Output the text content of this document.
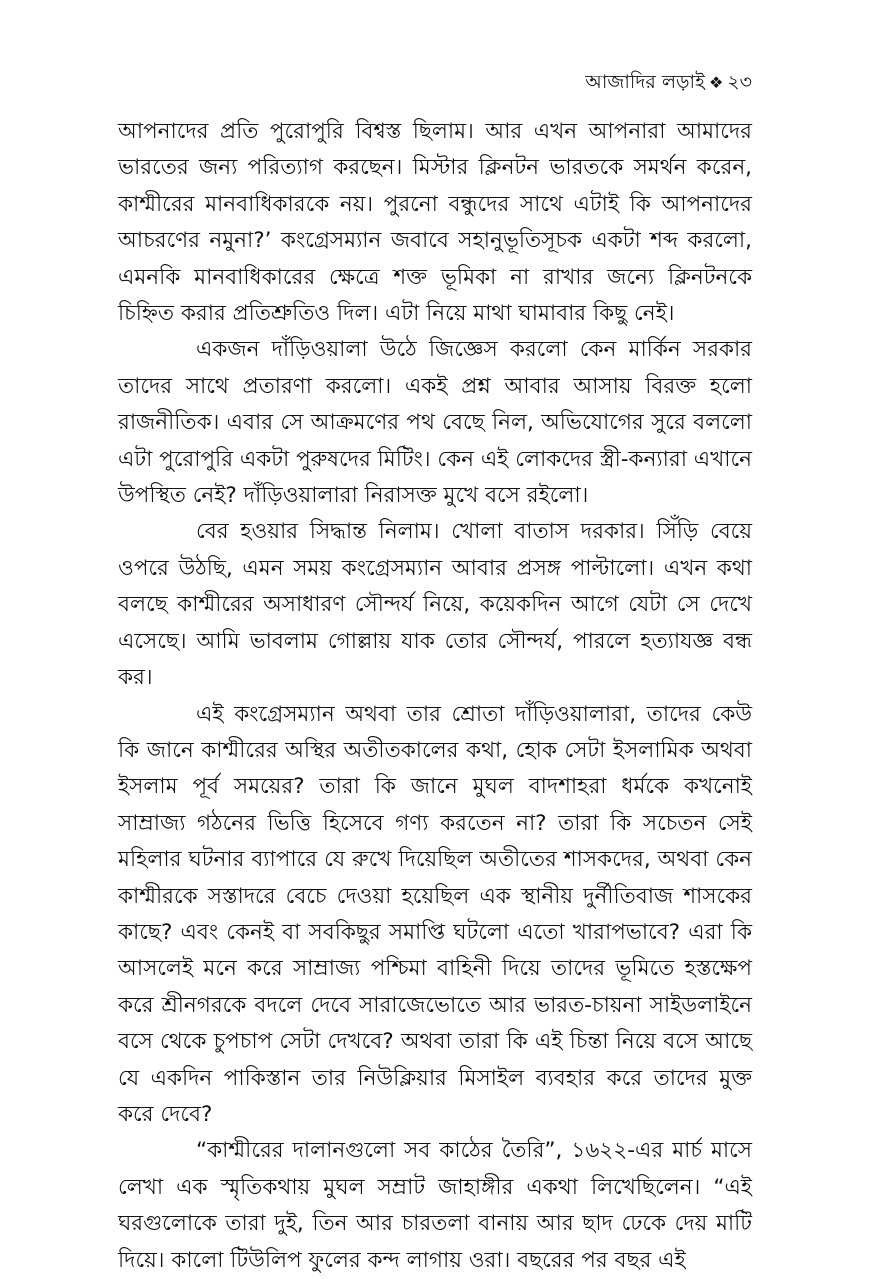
আজাদির লড়াই ❖ ২৩

আপনাদের প্রতি পুরোপুরি বিশ্বস্ত ছিলাম। আর এখন আপনারা আমাদের ভারতের জন্য পরিত্যাগ করছেন। মিস্টার ক্লিনটন ভারতকে সমর্থন করেন, কাশ্মীরের মানবাধিকারকে নয়। পুরনো বন্ধুদের সাথে এটাই কি আপনাদের আচরণের নমুনা?’ কংগ্রেসম্যান জবাবে সহানুভূতিসূচক একটা শব্দ করলো, এমনকি মানবাধিকারের ক্ষেত্রে শক্ত ভূমিকা না রাখার জন্যে ক্লিনটনকে চিহ্নিত করার প্রতিশ্রুতিও দিল। এটা নিয়ে মাথা ঘামাবার কিছু নেই।

একজন দাঁড়িওয়ালা উঠে জিজ্ঞেস করলো কেন মার্কিন সরকার তাদের সাথে প্রতারণা করলো। একই প্রশ্ন আবার আসায় বিরক্ত হলো রাজনীতিক। এবার সে আক্রমণের পথ বেছে নিল, অভিযোগের সুরে বললো এটা পুরোপুরি একটা পুরুষদের মিটিং। কেন এই লোকদের স্ত্রী-কন্যারা এখানে উপস্থিত নেই? দাঁড়িওয়ালারা নিরাসক্ত মুখে বসে রইলো।

বের হওয়ার সিদ্ধান্ত নিলাম। খোলা বাতাস দরকার। সিঁড়ি বেয়ে ওপরে উঠছি, এমন সময় কংগ্রেসম্যান আবার প্রসঙ্গ পাল্টালো। এখন কথা বলছে কাশ্মীরের অসাধারণ সৌন্দর্য নিয়ে, কয়েকদিন আগে যেটা সে দেখে এসেছে। আমি ভাবলাম গোল্লায় যাক তোর সৌন্দর্য, পারলে হত্যাযজ্ঞ বন্ধ কর।

এই কংগ্রেসম্যান অথবা তার শ্রোতা দাঁড়িওয়ালারা, তাদের কেউ কি জানে কাশ্মীরের অস্থির অতীতকালের কথা, হোক সেটা ইসলামিক অথবা ইসলাম পূর্ব সময়ের? তারা কি জানে মুঘল বাদশাহরা ধর্মকে কখনোই সাম্রাজ্য গঠনের ভিত্তি হিসেবে গণ্য করতেন না? তারা কি সচেতন সেই মহিলার ঘটনার ব্যাপারে যে রুখে দিয়েছিল অতীতের শাসকদের, অথবা কেন কাশ্মীরকে সস্তাদরে বেচে দেওয়া হয়েছিল এক স্থানীয় দুর্নীতিবাজ শাসকের কাছে? এবং কেনই বা সবকিছুর সমাপ্তি ঘটলো এতো খারাপভাবে? এরা কি আসলেই মনে করে সাম্রাজ্য পশ্চিমা বাহিনী দিয়ে তাদের ভূমিতে হস্তক্ষেপ করে শ্রীনগরকে বদলে দেবে সারাজেভোতে আর ভারত-চায়না সাইডলাইনে বসে থেকে চুপচাপ সেটা দেখবে? অথবা তারা কি এই চিন্তা নিয়ে বসে আছে যে একদিন পাকিস্তান তার নিউক্লিয়ার মিসাইল ব্যবহার করে তাদের মুক্ত করে দেবে?

“কাশ্মীরের দালানগুলো সব কাঠের তৈরি”, ১৬২২-এর মার্চ মাসে লেখা এক স্মৃতিকথায় মুঘল সম্রাট জাহাঙ্গীর একথা লিখেছিলেন। “এই ঘরগুলোকে তারা দুই, তিন আর চারতলা বানায় আর ছাদ ঢেকে দেয় মাটি দিয়ে। কালো টিউলিপ ফুলের কন্দ লাগায় ওরা। বছরের পর বছর এই
